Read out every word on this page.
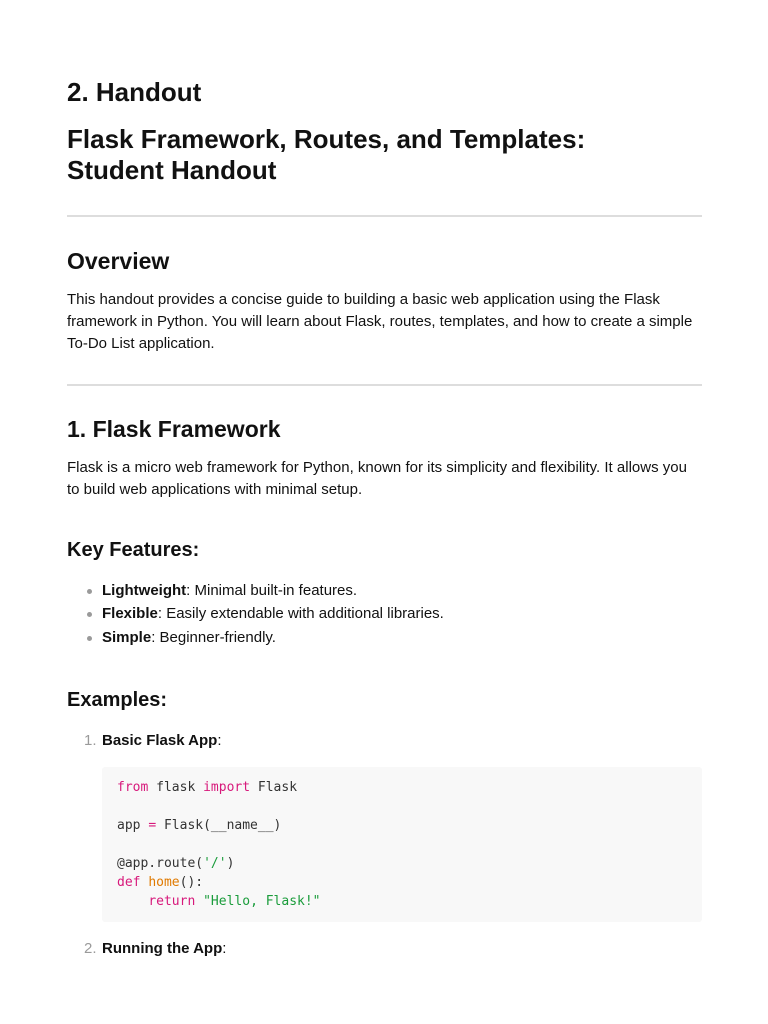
2. Handout
Flask Framework, Routes, and Templates:
Student Handout
Overview

This handout provides a concise guide to building a basic web application using the Flask framework in Python. You will learn about Flask, routes, templates, and how to create a simple To-Do List application.

1. Flask Framework

Flask is a micro web framework for Python, known for its simplicity and flexibility. It allows you to build web applications with minimal setup.

Key Features:
Lightweight: Minimal built-in features.
Flexible: Easily extendable with additional libraries.
Simple: Beginner-friendly.
Examples:
1. Basic Flask App:
2. Running the App:
from flask import Flask
app = Flask(__name__)
@app.route('/')
def home():
return "Hello, Flask!"
